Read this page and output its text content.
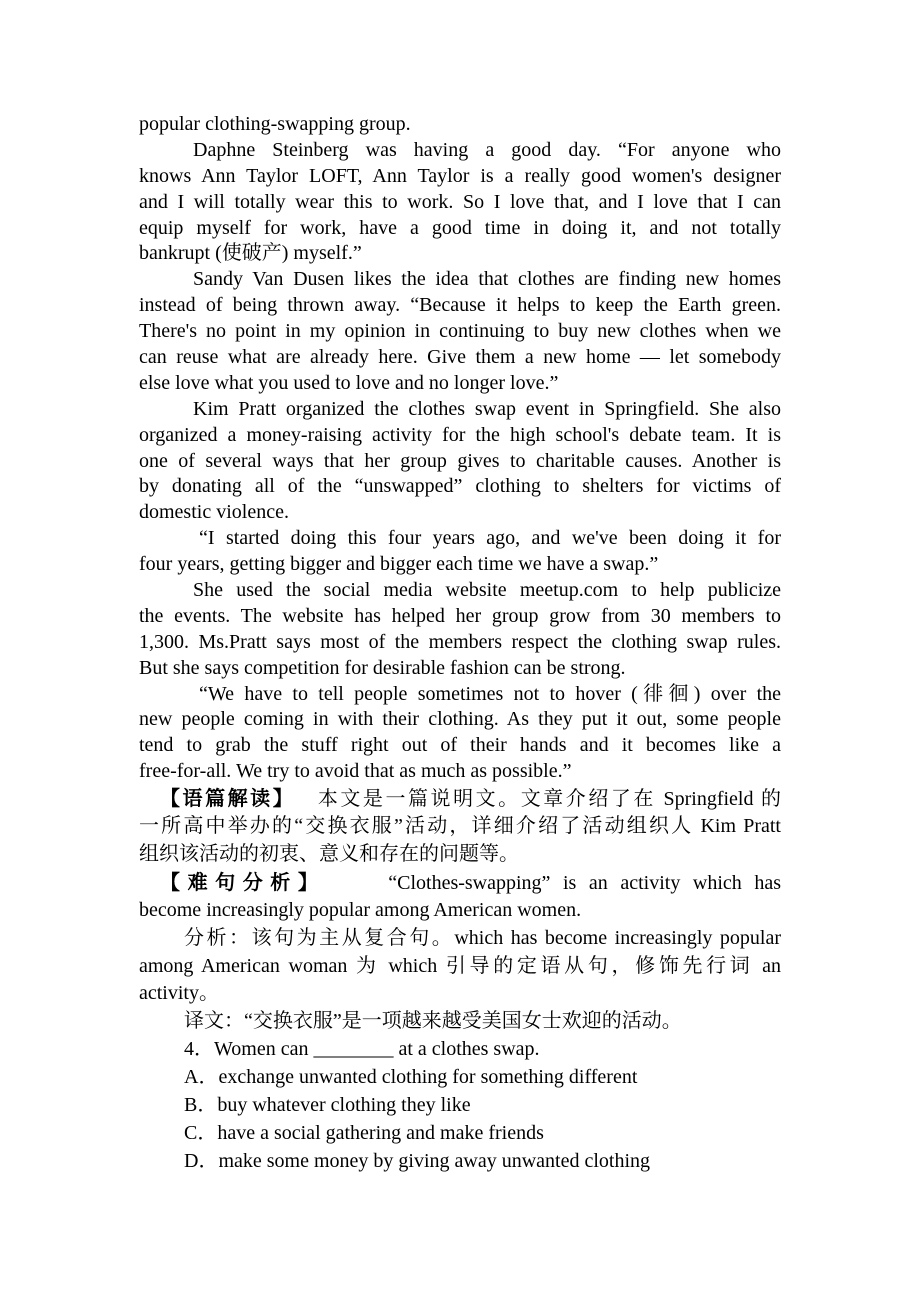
popular clothing-swapping group.
Daphne Steinberg was having a good day. “For anyone who
knows Ann Taylor LOFT, Ann Taylor is a really good women's designer
and I will totally wear this to work. So I love that, and I love that I can
equip myself for work, have a good time in doing it, and not totally
bankrupt (使破产) myself.”
Sandy Van Dusen likes the idea that clothes are finding new homes
instead of being thrown away. “Because it helps to keep the Earth green.
There's no point in my opinion in continuing to buy new clothes when we
can reuse what are already here. Give them a new home — let somebody
else love what you used to love and no longer love.”
Kim Pratt organized the clothes swap event in Springfield. She also
organized a money-raising activity for the high school's debate team. It is
one of several ways that her group gives to charitable causes. Another is
by donating all of the “unswapped” clothing to shelters for victims of
domestic violence.
“I started doing this four years ago, and we've been doing it for
four years, getting bigger and bigger each time we have a swap.”
She used the social media website meetup.com to help publicize
the events. The website has helped her group grow from 30 members to
1,300. Ms.Pratt says most of the members respect the clothing swap rules.
But she says competition for desirable fashion can be strong.
“We have to tell people sometimes not to hover (徘徊) over the
new people coming in with their clothing. As they put it out, some people
tend to grab the stuff right out of their hands and it becomes like a
free-for-all. We try to avoid that as much as possible.”
【语篇解读】 本文是一篇说明文。文章介绍了在 Springfield 的
一所高中举办的“交换衣服”活动，详细介绍了活动组织人 Kim Pratt
组织该活动的初衷、意义和存在的问题等。
【难句分析】	“Clothes-swapping” is an activity which has
become increasingly popular among American women.
分析：该句为主从复合句。which has become increasingly popular
among American woman 为 which 引导的定语从句，修饰先行词 an
activity。
译文：“交换衣服”是一项越来越受美国女士欢迎的活动。
4．Women can ________ at a clothes swap.
A．exchange unwanted clothing for something different
B．buy whatever clothing they like
C．have a social gathering and make friends
D．make some money by giving away unwanted clothing
